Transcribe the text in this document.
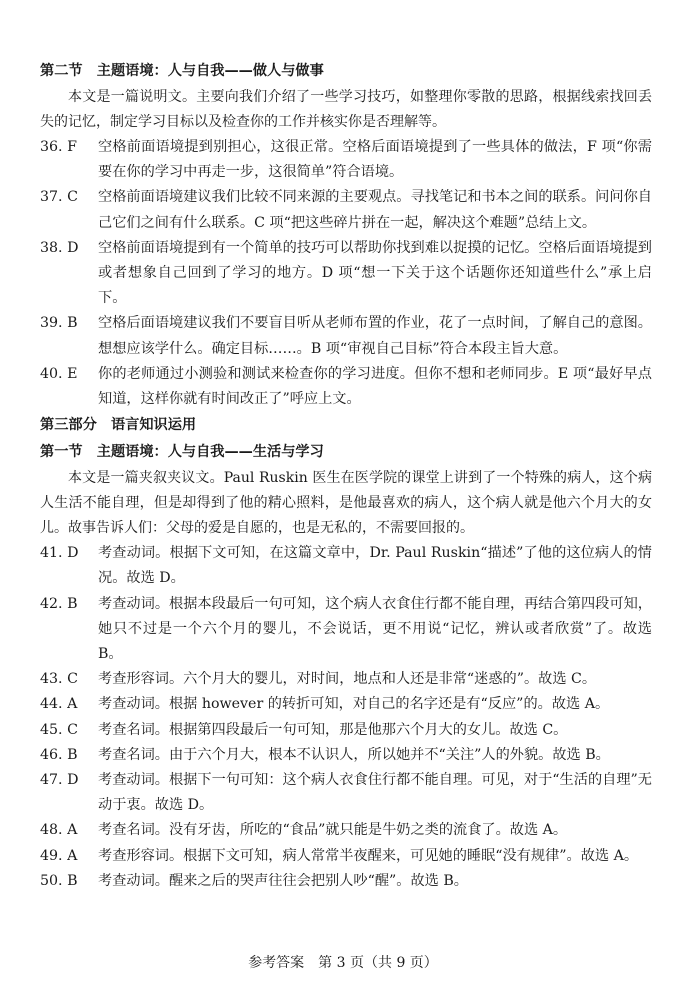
第二节　主题语境：人与自我——做人与做事
本文是一篇说明文。主要向我们介绍了一些学习技巧，如整理你零散的思路，根据线索找回丢失的记忆，制定学习目标以及检查你的工作并核实你是否理解等。
36. F	空格前面语境提到别担心，这很正常。空格后面语境提到了一些具体的做法，F 项“你需要在你的学习中再走一步，这很简单”符合语境。
37. C	空格前面语境建议我们比较不同来源的主要观点。寻找笔记和书本之间的联系。问问你自己它们之间有什么联系。C 项“把这些碎片拼在一起，解决这个难题”总结上文。
38. D	空格前面语境提到有一个简单的技巧可以帮助你找到难以捉摸的记忆。空格后面语境提到或者想象自己回到了学习的地方。D 项“想一下关于这个话题你还知道些什么”承上启下。
39. B	空格后面语境建议我们不要盲目听从老师布置的作业，花了一点时间，了解自己的意图。想想应该学什么。确定目标……。B 项“审视自己目标”符合本段主旨大意。
40. E	你的老师通过小测验和测试来检查你的学习进度。但你不想和老师同步。E 项“最好早点知道，这样你就有时间改正了”呼应上文。
第三部分　语言知识运用
第一节　主题语境：人与自我——生活与学习
本文是一篇夹叙夹议文。Paul Ruskin 医生在医学院的课堂上讲到了一个特殊的病人，这个病人生活不能自理，但是却得到了他的精心照料，是他最喜欢的病人，这个病人就是他六个月大的女儿。故事告诉人们：父母的爱是自愿的，也是无私的，不需要回报的。
41. D	考查动词。根据下文可知，在这篇文章中，Dr. Paul Ruskin“描述”了他的这位病人的情况。故选 D。
42. B	考查动词。根据本段最后一句可知，这个病人衣食住行都不能自理，再结合第四段可知，她只不过是一个六个月的婴儿，不会说话，更不用说“记忆，辨认或者欣赏”了。故选 B。
43. C	考查形容词。六个月大的婴儿，对时间，地点和人还是非常“迷惑的”。故选 C。
44. A	考查动词。根据 however 的转折可知，对自己的名字还是有“反应”的。故选 A。
45. C	考查名词。根据第四段最后一句可知，那是他那六个月大的女儿。故选 C。
46. B	考查名词。由于六个月大，根本不认识人，所以她并不“关注”人的外貌。故选 B。
47. D	考查动词。根据下一句可知：这个病人衣食住行都不能自理。可见，对于“生活的自理”无动于衷。故选 D。
48. A	考查名词。没有牙齿，所吃的“食品”就只能是牛奶之类的流食了。故选 A。
49. A	考查形容词。根据下文可知，病人常常半夜醒来，可见她的睡眠“没有规律”。故选 A。
50. B	考查动词。醒来之后的哭声往往会把别人吵“醒”。故选 B。
参考答案　第 3 页（共 9 页）
